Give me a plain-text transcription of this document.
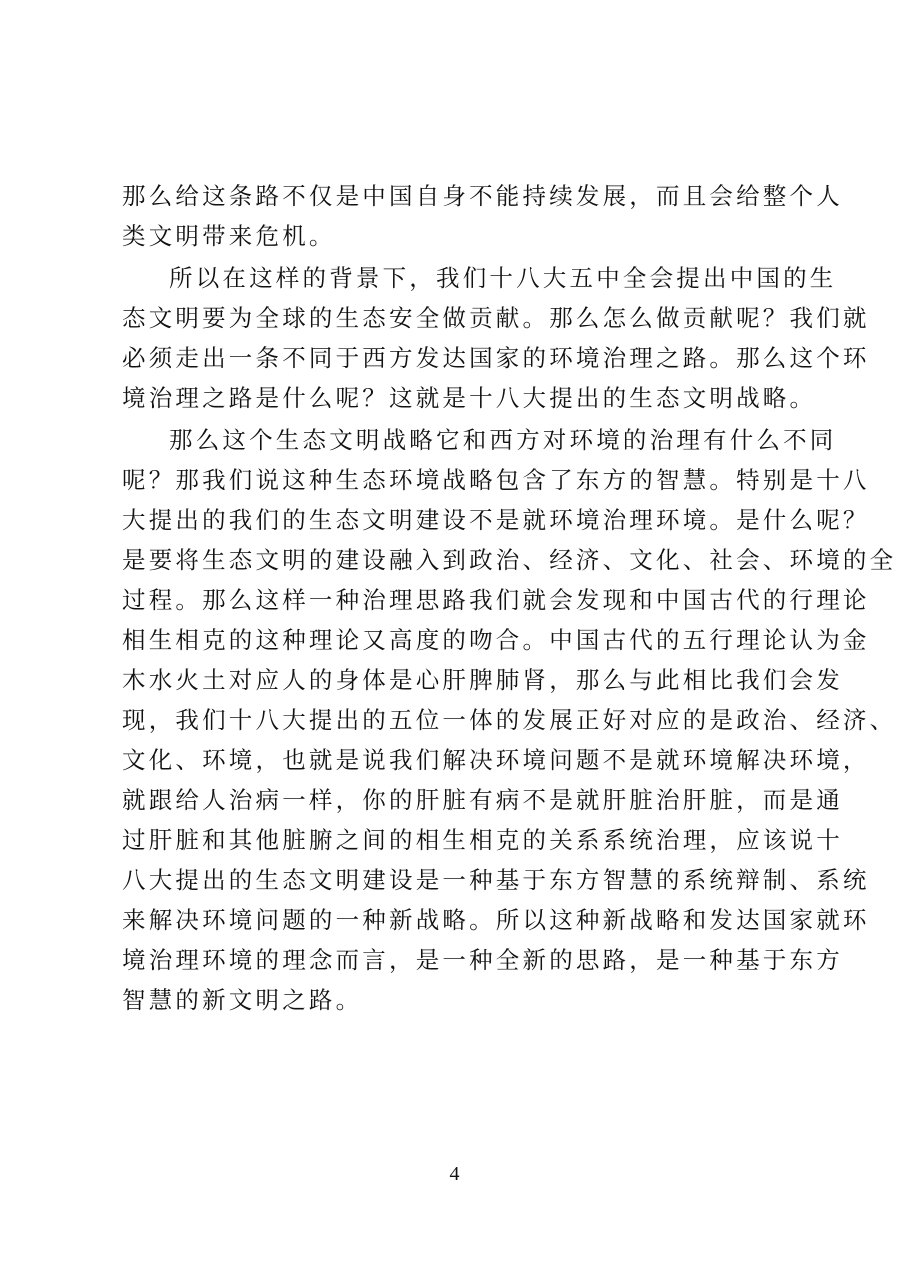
那么给这条路不仅是中国自身不能持续发展，而且会给整个人
类文明带来危机。
所以在这样的背景下，我们十八大五中全会提出中国的生
态文明要为全球的生态安全做贡献。那么怎么做贡献呢？我们就
必须走出一条不同于西方发达国家的环境治理之路。那么这个环
境治理之路是什么呢？这就是十八大提出的生态文明战略。
那么这个生态文明战略它和西方对环境的治理有什么不同
呢？那我们说这种生态环境战略包含了东方的智慧。特别是十八
大提出的我们的生态文明建设不是就环境治理环境。是什么呢？
是要将生态文明的建设融入到政治、经济、文化、社会、环境的全
过程。那么这样一种治理思路我们就会发现和中国古代的行理论
相生相克的这种理论又高度的吻合。中国古代的五行理论认为金
木水火土对应人的身体是心肝脾肺肾，那么与此相比我们会发
现，我们十八大提出的五位一体的发展正好对应的是政治、经济、
文化、环境，也就是说我们解决环境问题不是就环境解决环境，
就跟给人治病一样，你的肝脏有病不是就肝脏治肝脏，而是通
过肝脏和其他脏腑之间的相生相克的关系系统治理，应该说十
八大提出的生态文明建设是一种基于东方智慧的系统辩制、系统
来解决环境问题的一种新战略。所以这种新战略和发达国家就环
境治理环境的理念而言，是一种全新的思路，是一种基于东方
智慧的新文明之路。
4
